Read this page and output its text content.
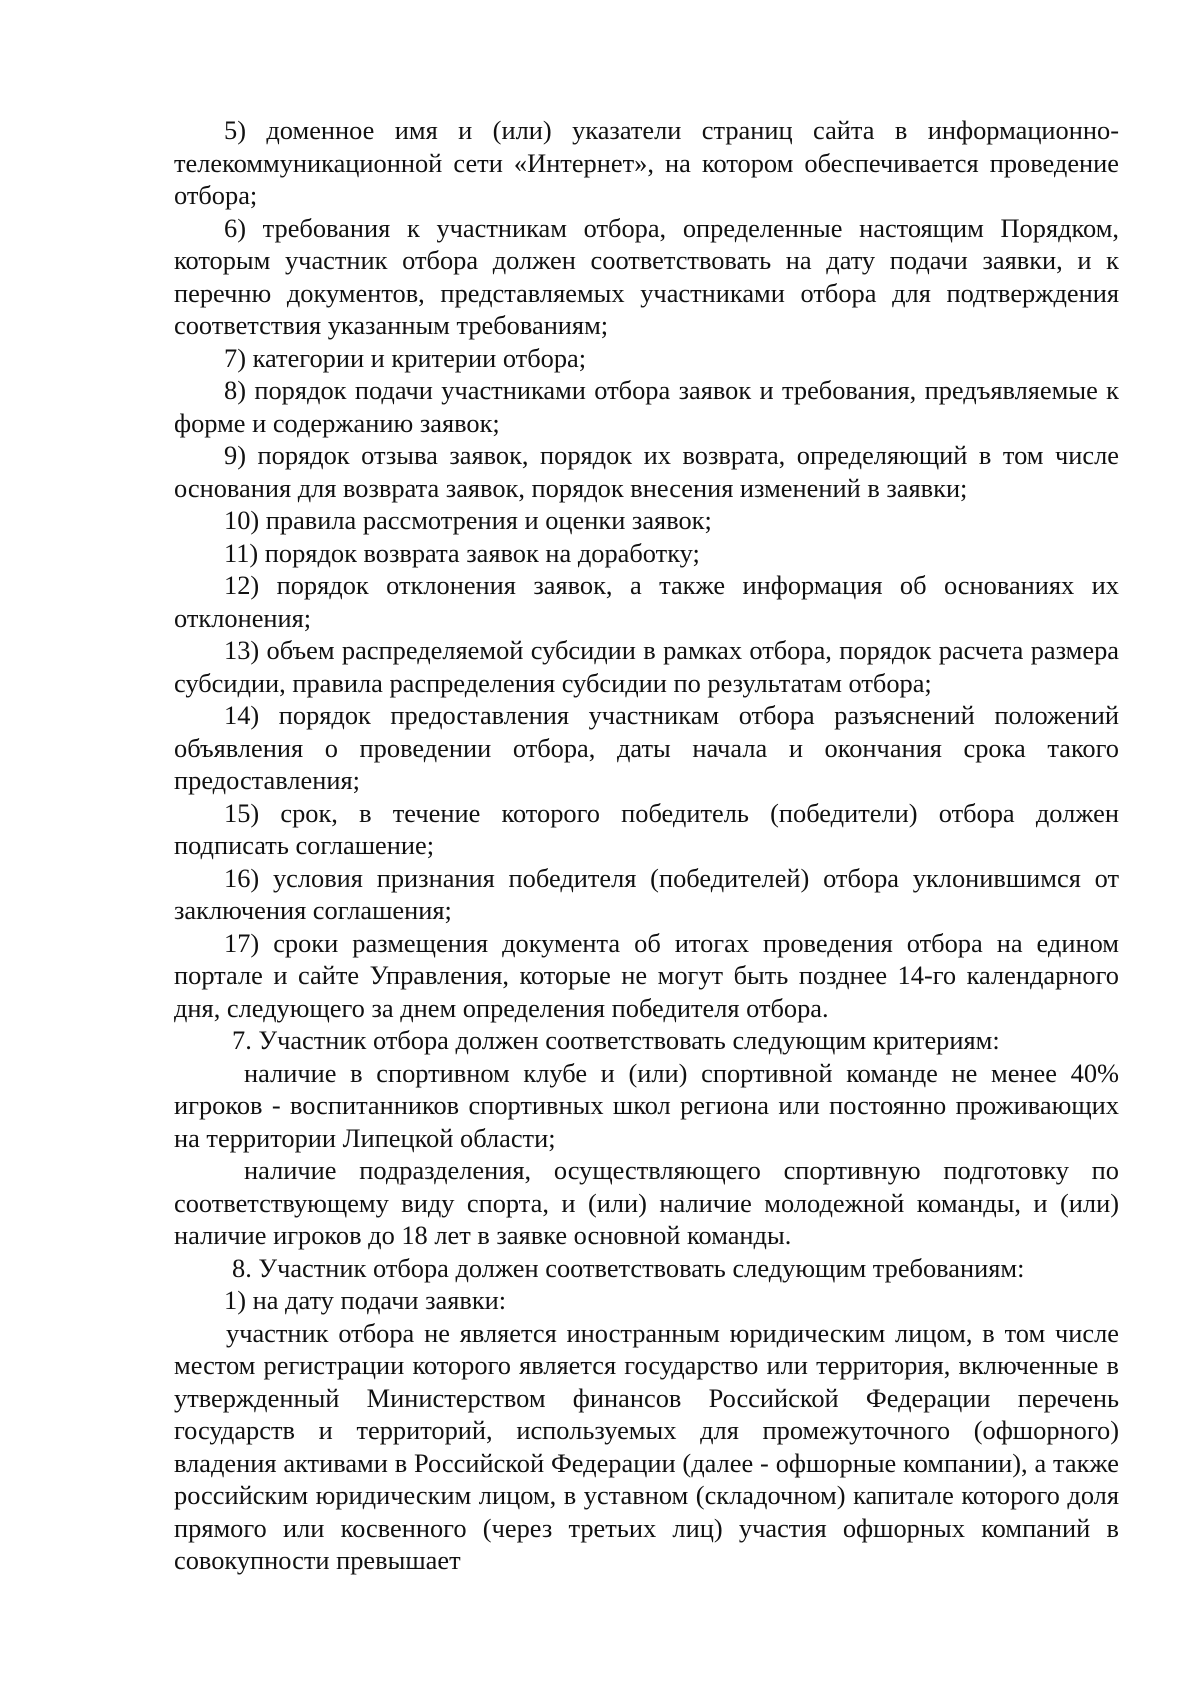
5) доменное имя и (или) указатели страниц сайта в информационно-телекоммуникационной сети «Интернет», на котором обеспечивается проведение отбора;

6) требования к участникам отбора, определенные настоящим Порядком, которым участник отбора должен соответствовать на дату подачи заявки, и к перечню документов, представляемых участниками отбора для подтверждения соответствия указанным требованиям;

7) категории и критерии отбора;

8) порядок подачи участниками отбора заявок и требования, предъявляемые к форме и содержанию заявок;

9) порядок отзыва заявок, порядок их возврата, определяющий в том числе основания для возврата заявок, порядок внесения изменений в заявки;

10) правила рассмотрения и оценки заявок;

11) порядок возврата заявок на доработку;

12) порядок отклонения заявок, а также информация об основаниях их отклонения;

13) объем распределяемой субсидии в рамках отбора, порядок расчета размера субсидии, правила распределения субсидии по результатам отбора;

14) порядок предоставления участникам отбора разъяснений положений объявления о проведении отбора, даты начала и окончания срока такого предоставления;

15) срок, в течение которого победитель (победители) отбора должен подписать соглашение;

16) условия признания победителя (победителей) отбора уклонившимся от заключения соглашения;

17) сроки размещения документа об итогах проведения отбора на едином портале и сайте Управления, которые не могут быть позднее 14-го календарного дня, следующего за днем определения победителя отбора.

7. Участник отбора должен соответствовать следующим критериям:

наличие в спортивном клубе и (или) спортивной команде не менее 40% игроков - воспитанников спортивных школ региона или постоянно проживающих на территории Липецкой области;

наличие подразделения, осуществляющего спортивную подготовку по соответствующему виду спорта, и (или) наличие молодежной команды, и (или) наличие игроков до 18 лет в заявке основной команды.

8. Участник отбора должен соответствовать следующим требованиям:

1) на дату подачи заявки:

участник отбора не является иностранным юридическим лицом, в том числе местом регистрации которого является государство или территория, включенные в утвержденный Министерством финансов Российской Федерации перечень государств и территорий, используемых для промежуточного (офшорного) владения активами в Российской Федерации (далее - офшорные компании), а также российским юридическим лицом, в уставном (складочном) капитале которого доля прямого или косвенного (через третьих лиц) участия офшорных компаний в совокупности превышает
